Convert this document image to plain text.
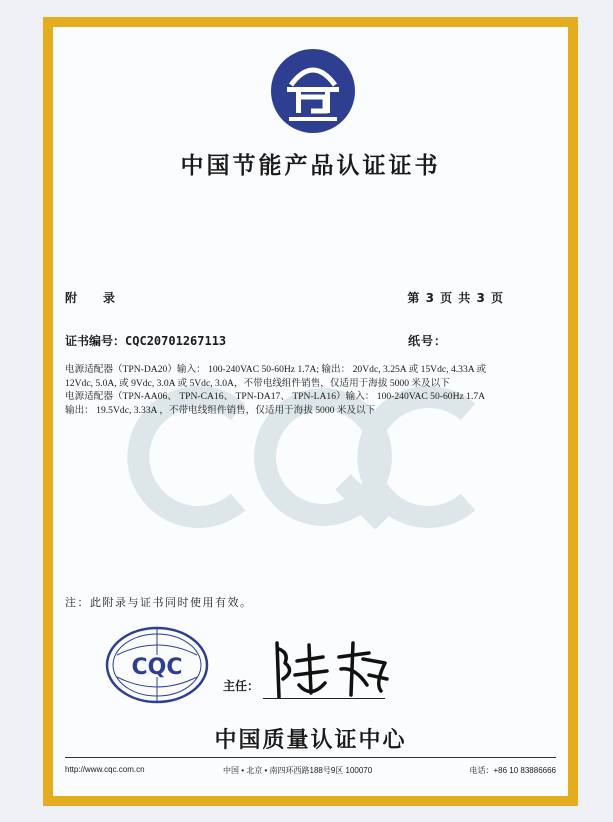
中国节能产品认证证书
附 录	第 3 页 共 3 页
证书编号：CQC20701267113	纸号：

电源适配器（TPN-DA20）输入： 100-240VAC 50-60Hz 1.7A; 输出： 20Vdc, 3.25A 或 15Vdc, 4.33A 或

12Vdc, 5.0A, 或 9Vdc, 3.0A 或 5Vdc, 3.0A，不带电线组件销售，仅适用于海拔 5000 米及以下

电源适配器（TPN-AA06、 TPN-CA16、 TPN-DA17、 TPN-LA16）输入： 100-240VAC 50-60Hz 1.7A

输出： 19.5Vdc, 3.33A ，不带电线组件销售，仅适用于海拔 5000 米及以下

注：此附录与证书同时使用有效。
CQC
主任：
中国质量认证中心
http://www.cqc.com.cn	中国 • 北京 • 南四环西路188号9区 100070	电话：+86 10 83886666
